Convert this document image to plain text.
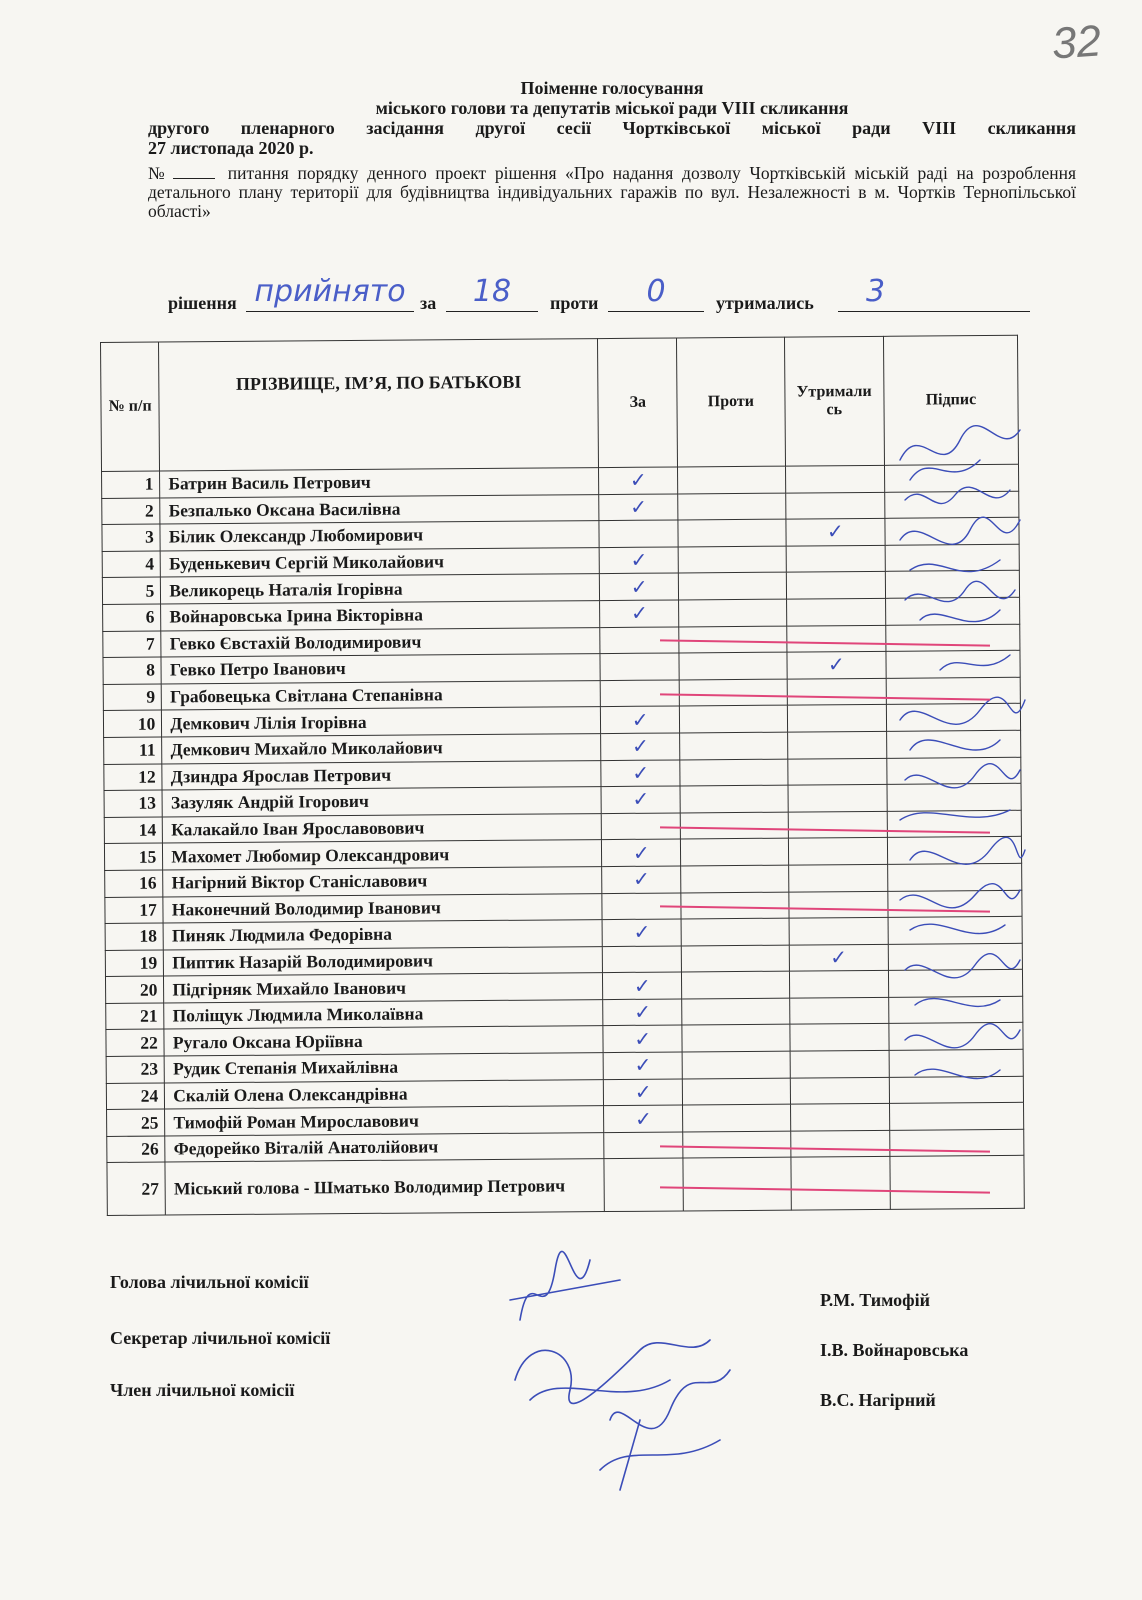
32
Поіменне голосування
міського голови та депутатів міської ради VIII скликання
другого пленарного засідання другої сесії Чортківської міської ради VIII скликання
27 листопада 2020 р.
№	питання порядку денного проект рішення «Про надання дозволу Чортківській міській раді на розроблення детального плану території для будівництва індивідуальних гаражів по вул. Незалежності в м. Чортків Тернопільської області»
рішення прийнято за	18	проти	0	утримались	3
№ п/п	ПРІЗВИЩЕ, ІМ’Я, ПО БАТЬКОВІ	За	Проти	Утримались	Підпис
1	Батрин Василь Петрович	✓			
2	Безпалько Оксана Василівна	✓			
3	Білик Олександр Любомирович			✓	
4	Буденькевич Сергій Миколайович	✓			
5	Великорець Наталія Ігорівна	✓			
6	Войнаровська Ірина Вікторівна	✓			
7	Гевко Євстахій Володимирович				
8	Гевко Петро Іванович			✓	
9	Грабовецька Світлана Степанівна				
10	Демкович Лілія Ігорівна	✓			
11	Демкович Михайло Миколайович	✓			
12	Дзиндра Ярослав Петрович	✓			
13	Зазуляк Андрій Ігорович	✓			
14	Калакайло Іван Ярославовович				
15	Махомет Любомир Олександрович	✓			
16	Нагірний Віктор Станіславович	✓			
17	Наконечний Володимир Іванович				
18	Пиняк Людмила Федорівна	✓			
19	Пиптик Назарій Володимирович			✓	
20	Підгірняк Михайло Іванович	✓			
21	Поліщук Людмила Миколаївна	✓			
22	Ругало Оксана Юріївна	✓			
23	Рудик Степанія Михайлівна	✓			
24	Скалій Олена Олександрівна	✓			
25	Тимофій Роман Мирославович	✓			
26	Федорейко Віталій Анатолійович				
27	Міський голова - Шматько Володимир Петрович				
Голова лічильної комісії
Секретар лічильної комісії
Член лічильної комісії
Р.М. Тимофій
І.В. Войнаровська
В.С. Нагірний
